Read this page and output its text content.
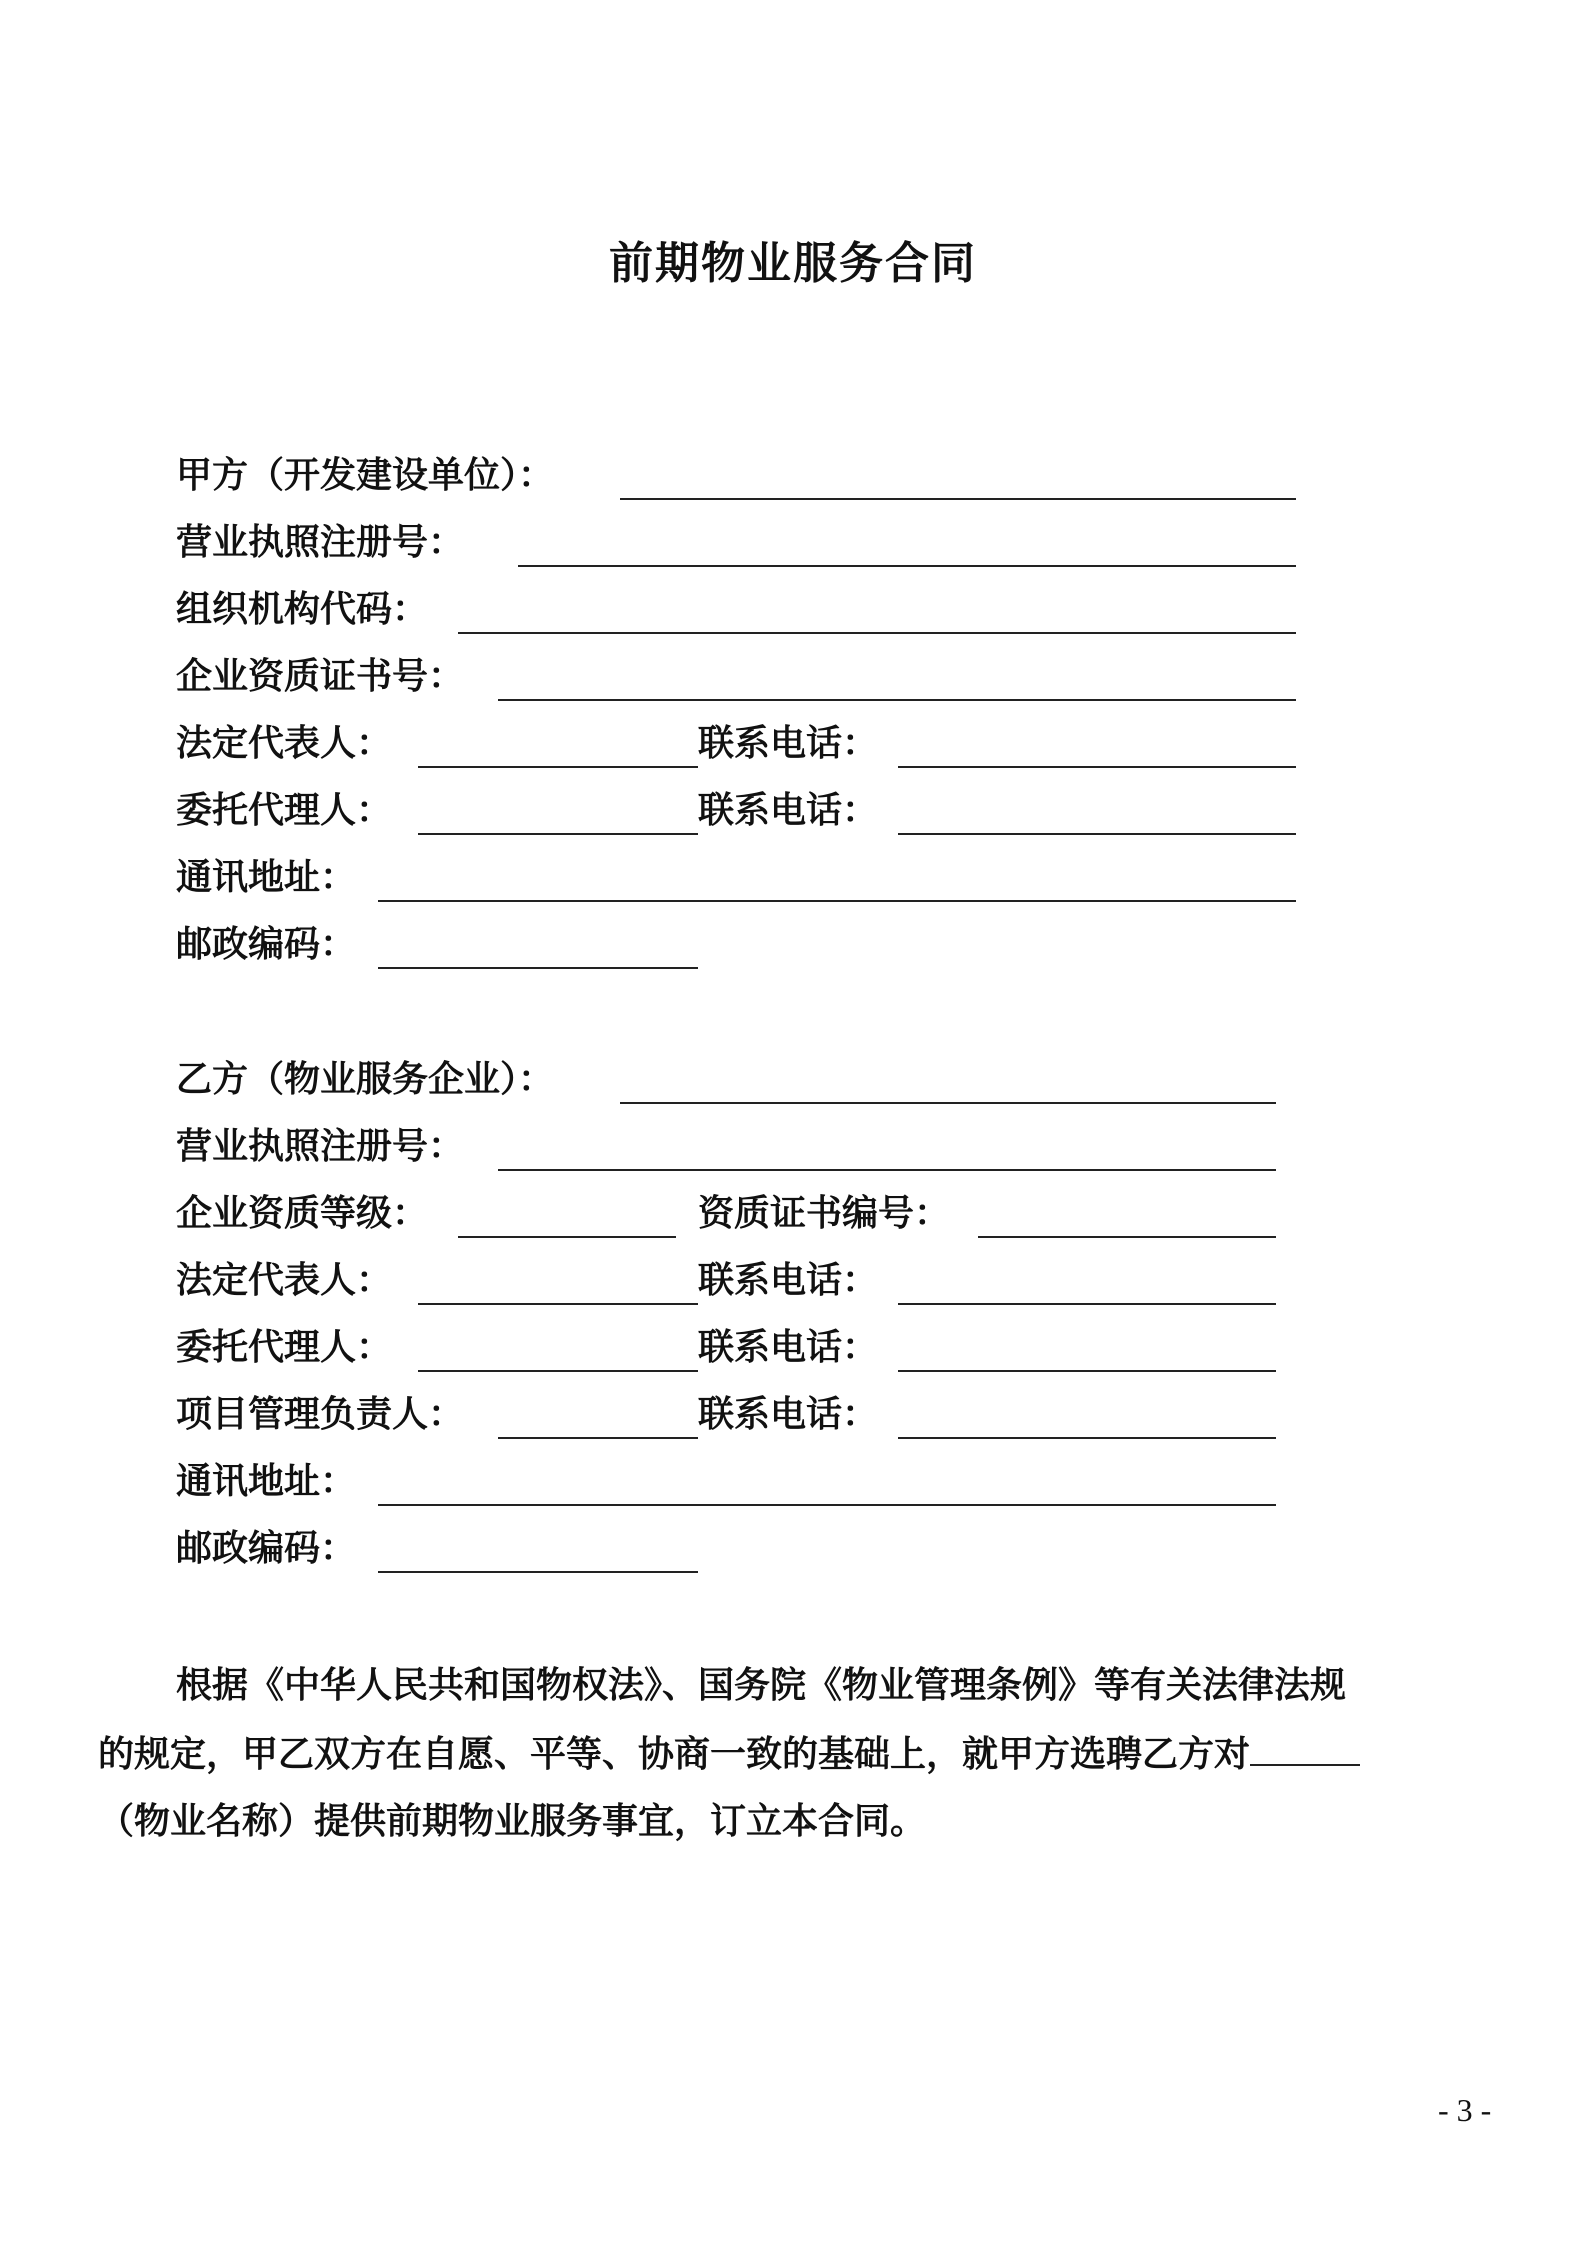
前期物业服务合同
甲方（开发建设单位）：
营业执照注册号：
组织机构代码：
企业资质证书号：
法定代表人：	联系电话：
委托代理人：	联系电话：
通讯地址：
邮政编码：
乙方（物业服务企业）：
营业执照注册号：
企业资质等级：	资质证书编号：
法定代表人：	联系电话：
委托代理人：	联系电话：
项目管理负责人：	联系电话：
通讯地址：
邮政编码：
根据《中华人民共和国物权法》、国务院《物业管理条例》等有关法律法规
的规定，甲乙双方在自愿、平等、协商一致的基础上，就甲方选聘乙方对
（物业名称）提供前期物业服务事宜，订立本合同。
- 3 -
